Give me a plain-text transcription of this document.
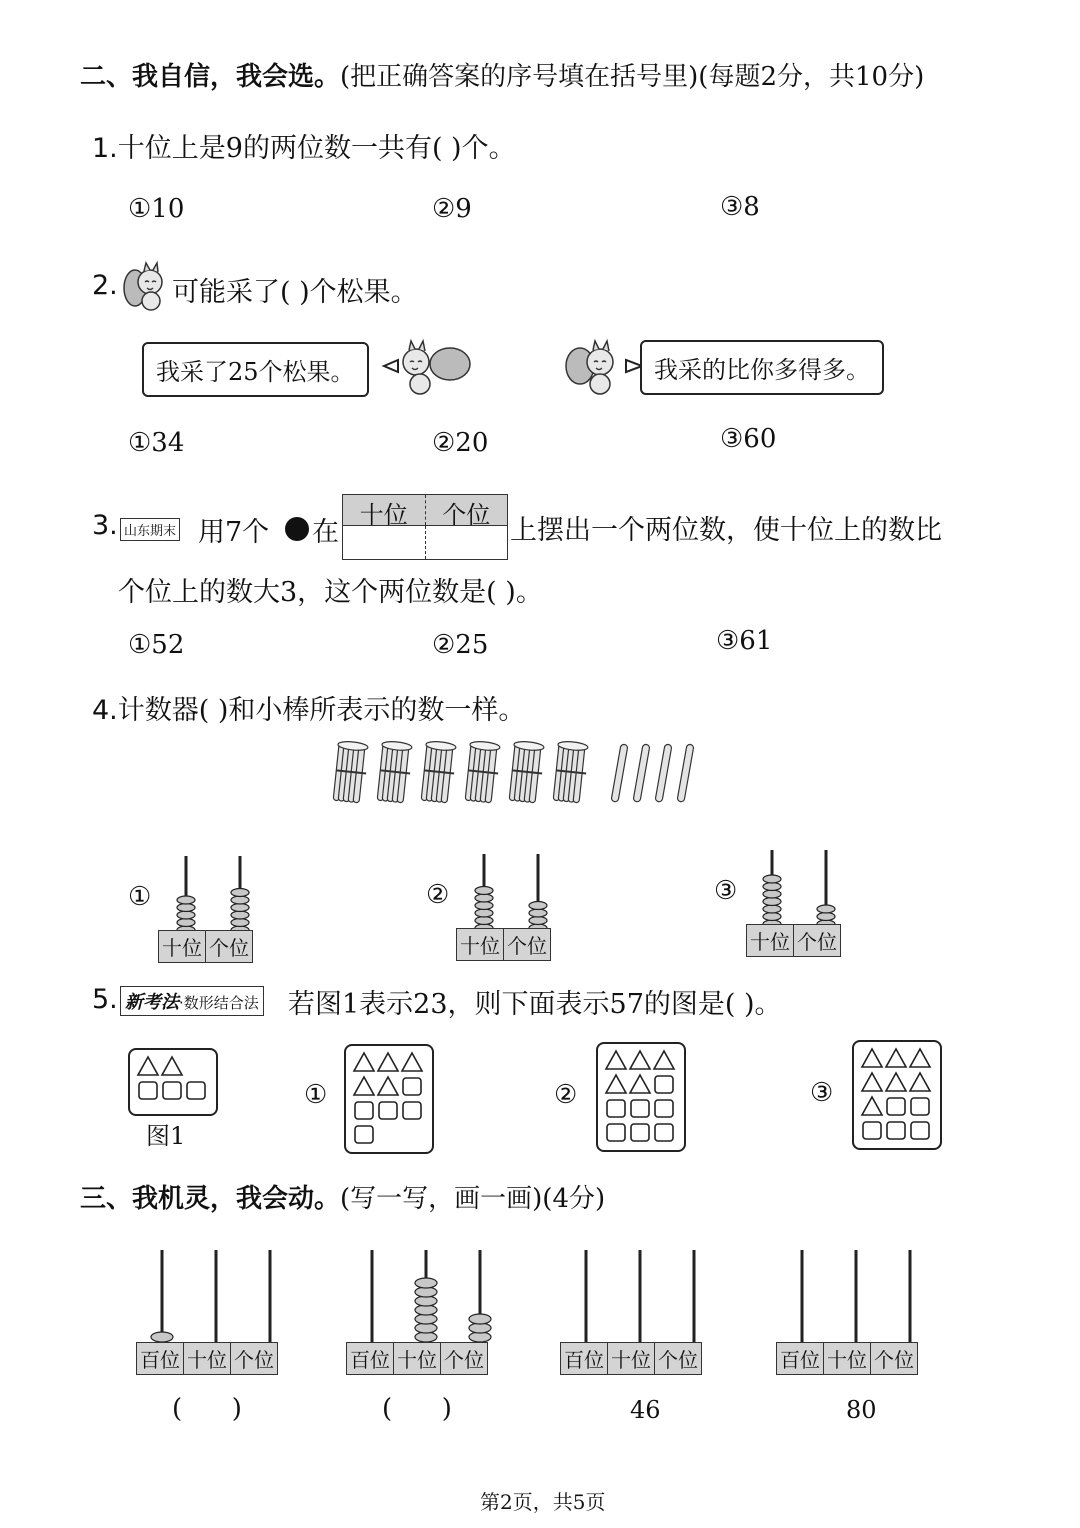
二、我自信，我会选。(把正确答案的序号填在括号里)(每题2分，共10分)
1.十位上是9的两位数一共有( )个。
①10	②9	③8
2. 可能采了( )个松果。
我采了25个松果。	我采的比你多得多。
①34	②20	③60
3. 山东期末 用7个 在
十位	个位 上摆出一个两位数，使十位上的数比
个位上的数大3，这个两位数是( )。
①52	②25	③61
4.计数器( )和小棒所表示的数一样。
①
十位 个位
②
十位 个位
③
十位 个位
5. 新考法·数形结合法 若图1表示23，则下面表示57的图是( )。
图1
①	②	③
三、我机灵，我会动。(写一写，画一画)(4分)
百位 十位 个位
(      )
百位 十位 个位
(      )
百位 十位 个位
46
百位 十位 个位
80
第2页，共5页
